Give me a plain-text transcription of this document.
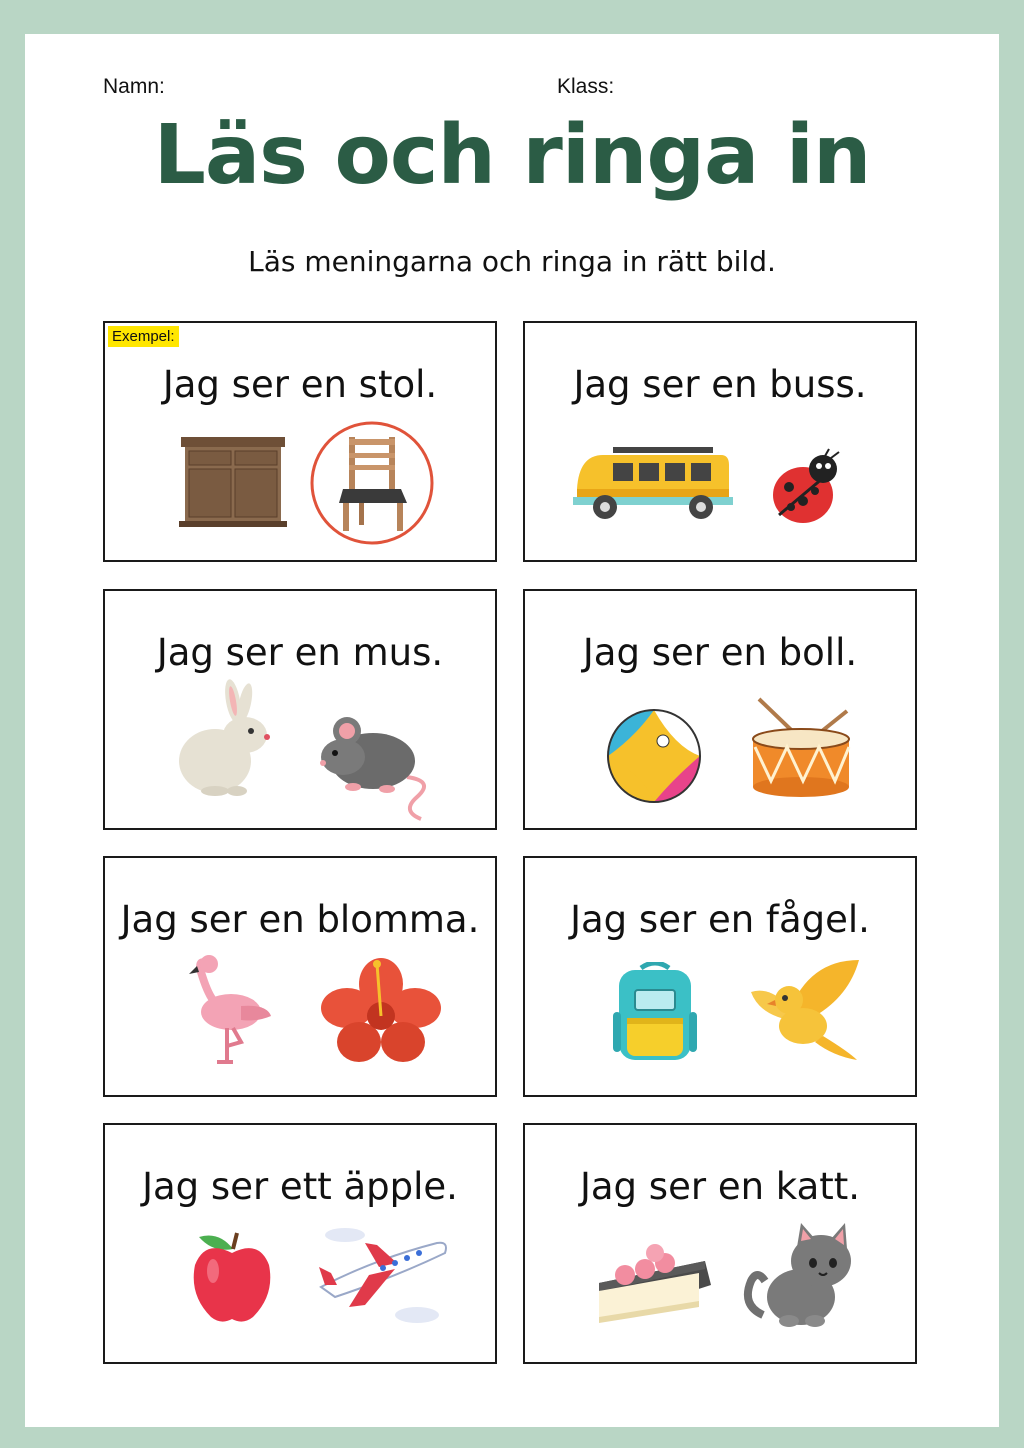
Namn:	Klass:
Läs och ringa in
Läs meningarna och ringa in rätt bild.
Exempel:
Jag ser en stol.	Jag ser en buss.
Jag ser en mus.	Jag ser en boll.
Jag ser en blomma.	Jag ser en fågel.
Jag ser ett äpple.	Jag ser en katt.
